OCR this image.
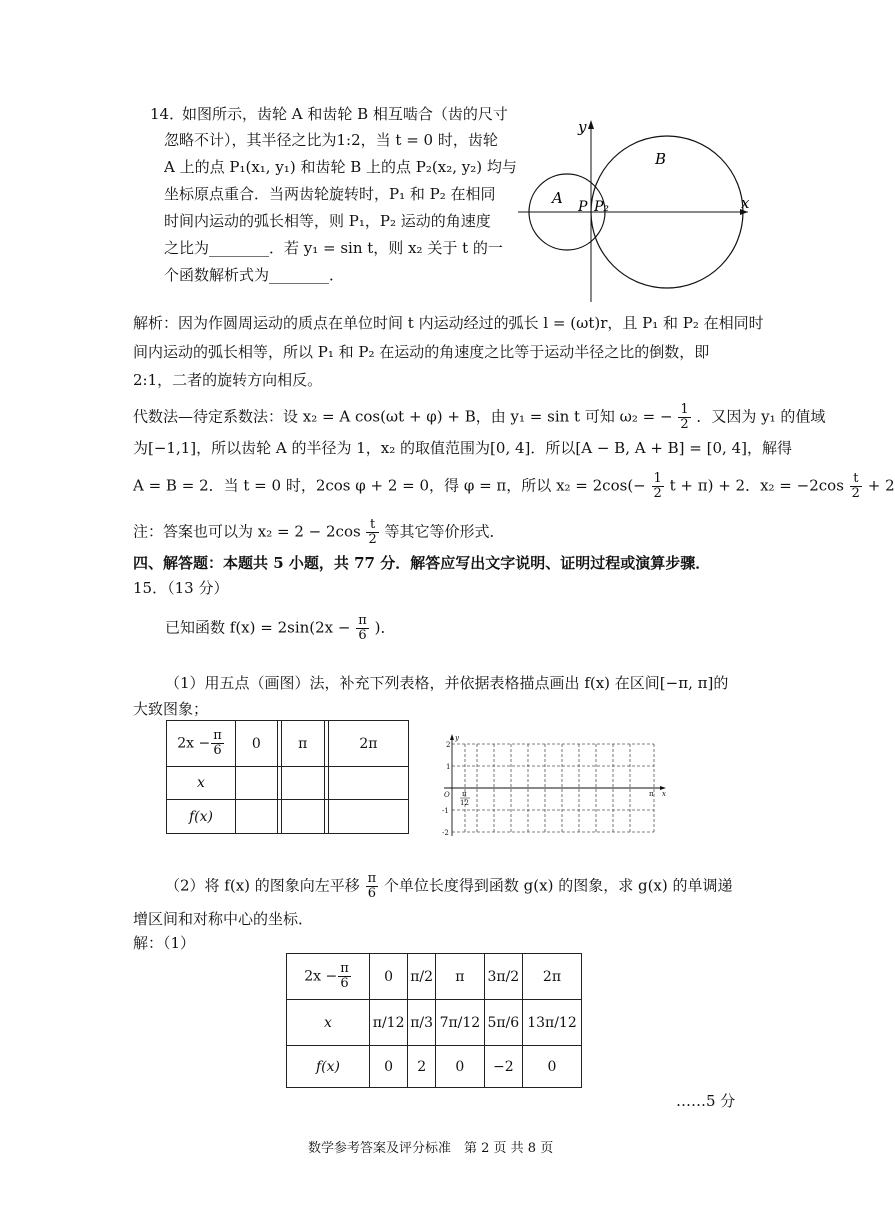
14．
如图所示，齿轮 A 和齿轮 B 相互啮合（齿的尺寸
忽略不计），其半径之比为1:2，当 t = 0 时，齿轮
A 上的点 P₁(x₁, y₁) 和齿轮 B 上的点 P₂(x₂, y₂) 均与
坐标原点重合．当两齿轮旋转时，P₁ 和 P₂ 在相同
时间内运动的弧长相等，则 P₁，P₂ 运动的角速度
之比为________．若 y₁ = sin t，则 x₂ 关于 t 的一
个函数解析式为________．
y
x
A
B
P P₂
解析：因为作圆周运动的质点在单位时间 t 内运动经过的弧长 l = (ωt)r，且 P₁ 和 P₂ 在相同时
间内运动的弧长相等，所以 P₁ 和 P₂ 在运动的角速度之比等于运动半径之比的倒数，即
2:1，二者的旋转方向相反。
代数法—待定系数法：设 x₂ = A cos(ωt + φ) + B，由 y₁ = sin t 可知 ω₂ = − $\frac{1}{2}$ ．又因为 y₁ 的值域
为[−1,1]，所以齿轮 A 的半径为 1，x₂ 的取值范围为[0, 4]．所以[A − B, A + B] = [0, 4]，解得
A = B = 2．当 t = 0 时，2cos φ + 2 = 0，得 φ = π，所以 $x_2 = 2\cos(- \frac{1}{2}$ t + π) + 2．$x_2 = -2\cos \frac{t}{2} + 2$
注：答案也可以为 $x_2 = 2 - 2\cos \frac{t}{2}$ 等其它等价形式．
四、解答题：本题共 5 小题，共 77 分．解答应写出文字说明、证明过程或演算步骤．
15．（13 分）
已知函数 $f(x) = 2\sin(2x - \frac{\pi}{6}$ )．
（1）用五点（画图）法，补充下列表格，并依据表格描点画出 f(x) 在区间[−π, π]的
大致图象；
$2x - \frac{\pi}{6}$	0		π		2π
x					
f(x)					
y
x
O
2
1
-1
-2
π
12
π
（2）将 f(x) 的图象向左平移 $\frac{\pi}{6}$ 个单位长度得到函数 g(x) 的图象，求 g(x) 的单调递
增区间和对称中心的坐标．
解：（1）
$2x - \frac{\pi}{6}$	0	π/2	π	3π/2	2π
x	π/12	π/3	7π/12	5π/6	13π/12
f(x)	0	2	0	−2	0
……5 分
数学参考答案及评分标准　第 2 页 共 8 页
